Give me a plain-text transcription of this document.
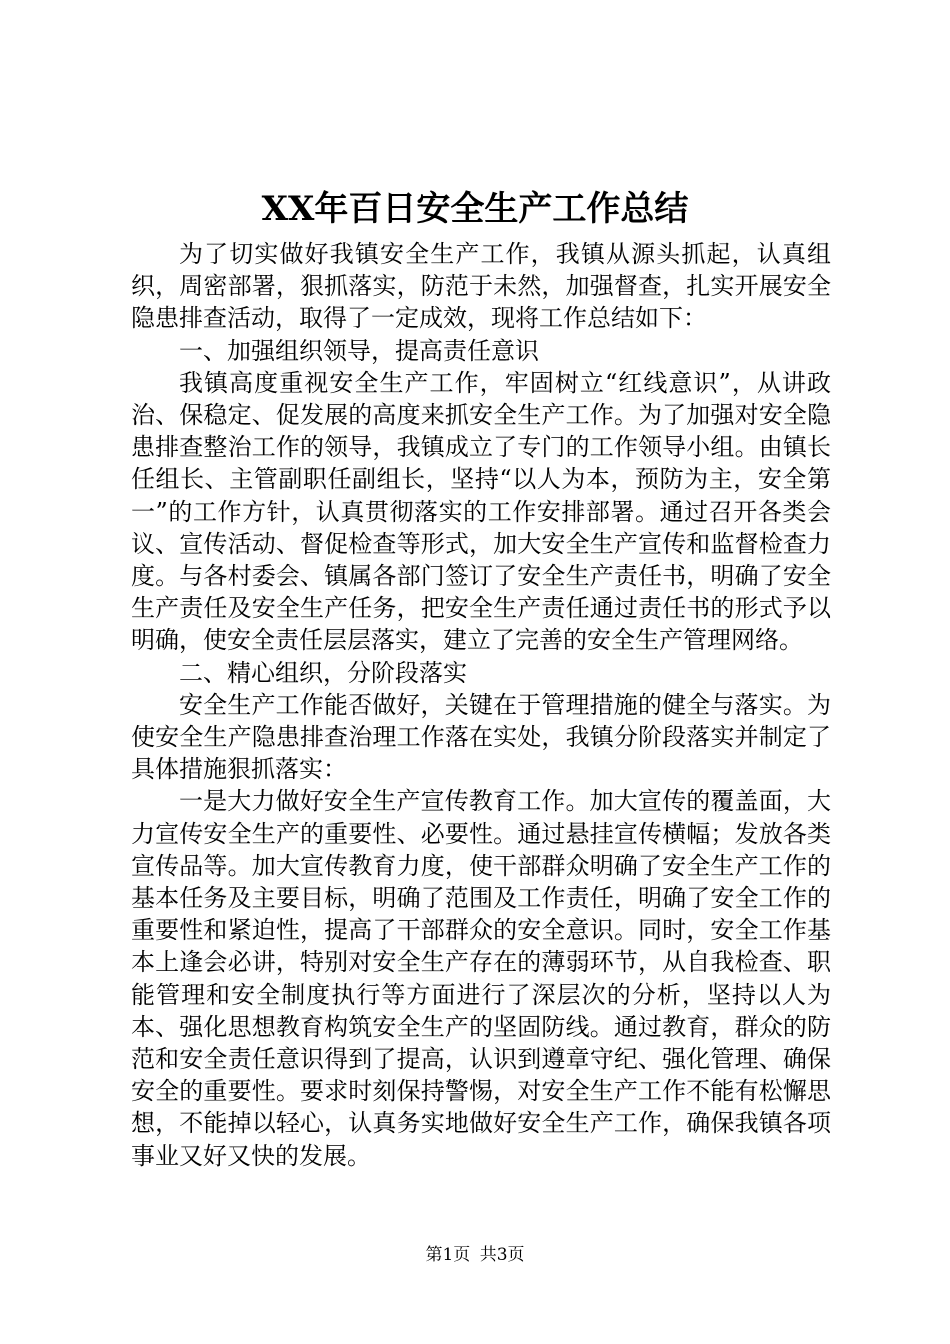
XX年百日安全生产工作总结

为了切实做好我镇安全生产工作，我镇从源头抓起，认真组织，周密部署，狠抓落实，防范于未然，加强督查，扎实开展安全隐患排查活动，取得了一定成效，现将工作总结如下：

一、加强组织领导，提高责任意识

我镇高度重视安全生产工作，牢固树立“红线意识”，从讲政治、保稳定、促发展的高度来抓安全生产工作。为了加强对安全隐患排查整治工作的领导，我镇成立了专门的工作领导小组。由镇长任组长、主管副职任副组长，坚持“以人为本，预防为主，安全第一”的工作方针，认真贯彻落实的工作安排部署。通过召开各类会议、宣传活动、督促检查等形式，加大安全生产宣传和监督检查力度。与各村委会、镇属各部门签订了安全生产责任书，明确了安全生产责任及安全生产任务，把安全生产责任通过责任书的形式予以明确，使安全责任层层落实，建立了完善的安全生产管理网络。

二、精心组织，分阶段落实

安全生产工作能否做好，关键在于管理措施的健全与落实。为使安全生产隐患排查治理工作落在实处，我镇分阶段落实并制定了具体措施狠抓落实：

一是大力做好安全生产宣传教育工作。加大宣传的覆盖面，大力宣传安全生产的重要性、必要性。通过悬挂宣传横幅；发放各类宣传品等。加大宣传教育力度，使干部群众明确了安全生产工作的基本任务及主要目标，明确了范围及工作责任，明确了安全工作的重要性和紧迫性，提高了干部群众的安全意识。同时，安全工作基本上逢会必讲，特别对安全生产存在的薄弱环节，从自我检查、职能管理和安全制度执行等方面进行了深层次的分析，坚持以人为本、强化思想教育构筑安全生产的坚固防线。通过教育，群众的防范和安全责任意识得到了提高，认识到遵章守纪、强化管理、确保安全的重要性。要求时刻保持警惕，对安全生产工作不能有松懈思想，不能掉以轻心，认真务实地做好安全生产工作，确保我镇各项事业又好又快的发展。

第1页 共3页
